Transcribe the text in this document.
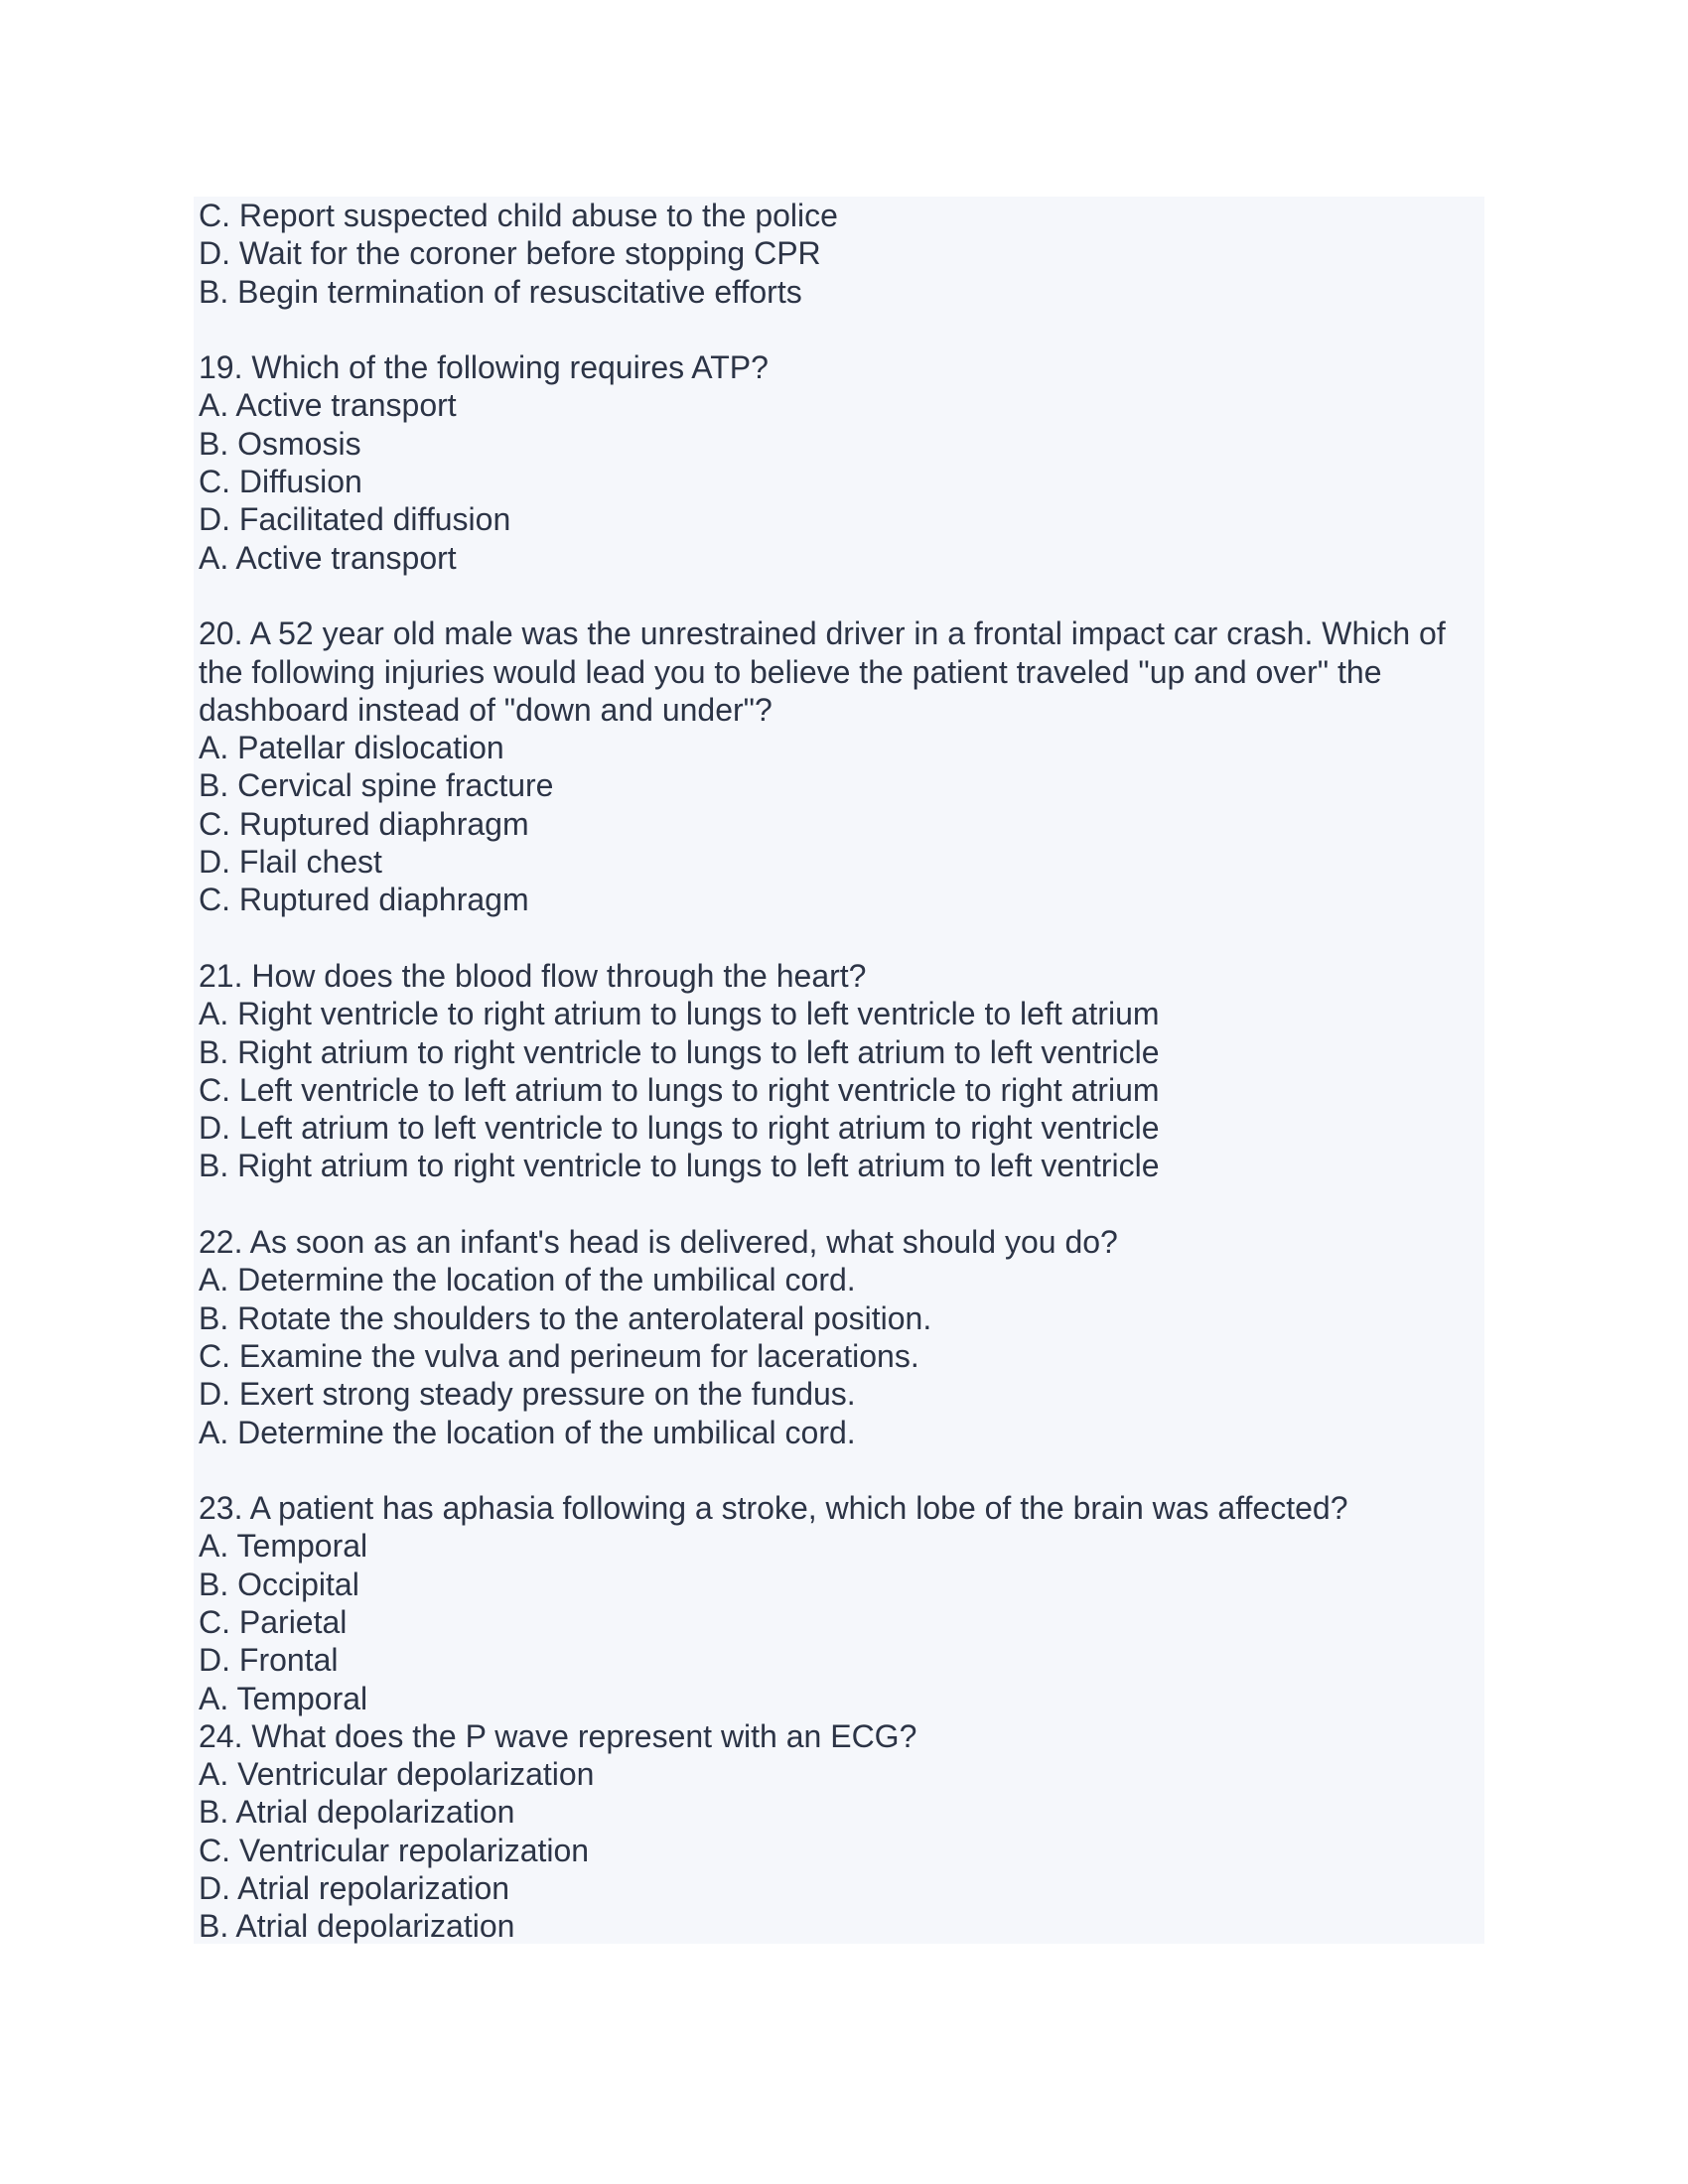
C. Report suspected child abuse to the police
D. Wait for the coroner before stopping CPR
B. Begin termination of resuscitative efforts
19. Which of the following requires ATP?
A. Active transport
B. Osmosis
C. Diffusion
D. Facilitated diffusion
A. Active transport
20. A 52 year old male was the unrestrained driver in a frontal impact car crash. Which of the following injuries would lead you to believe the patient traveled "up and over" the dashboard instead of "down and under"?
A. Patellar dislocation
B. Cervical spine fracture
C. Ruptured diaphragm
D. Flail chest
C. Ruptured diaphragm
21. How does the blood flow through the heart?
A. Right ventricle to right atrium to lungs to left ventricle to left atrium
B. Right atrium to right ventricle to lungs to left atrium to left ventricle
C. Left ventricle to left atrium to lungs to right ventricle to right atrium
D. Left atrium to left ventricle to lungs to right atrium to right ventricle
B. Right atrium to right ventricle to lungs to left atrium to left ventricle
22. As soon as an infant's head is delivered, what should you do?
A. Determine the location of the umbilical cord.
B. Rotate the shoulders to the anterolateral position.
C. Examine the vulva and perineum for lacerations.
D. Exert strong steady pressure on the fundus.
A. Determine the location of the umbilical cord.
23. A patient has aphasia following a stroke, which lobe of the brain was affected?
A. Temporal
B. Occipital
C. Parietal
D. Frontal
A. Temporal
24. What does the P wave represent with an ECG?
A. Ventricular depolarization
B. Atrial depolarization
C. Ventricular repolarization
D. Atrial repolarization
B. Atrial depolarization
